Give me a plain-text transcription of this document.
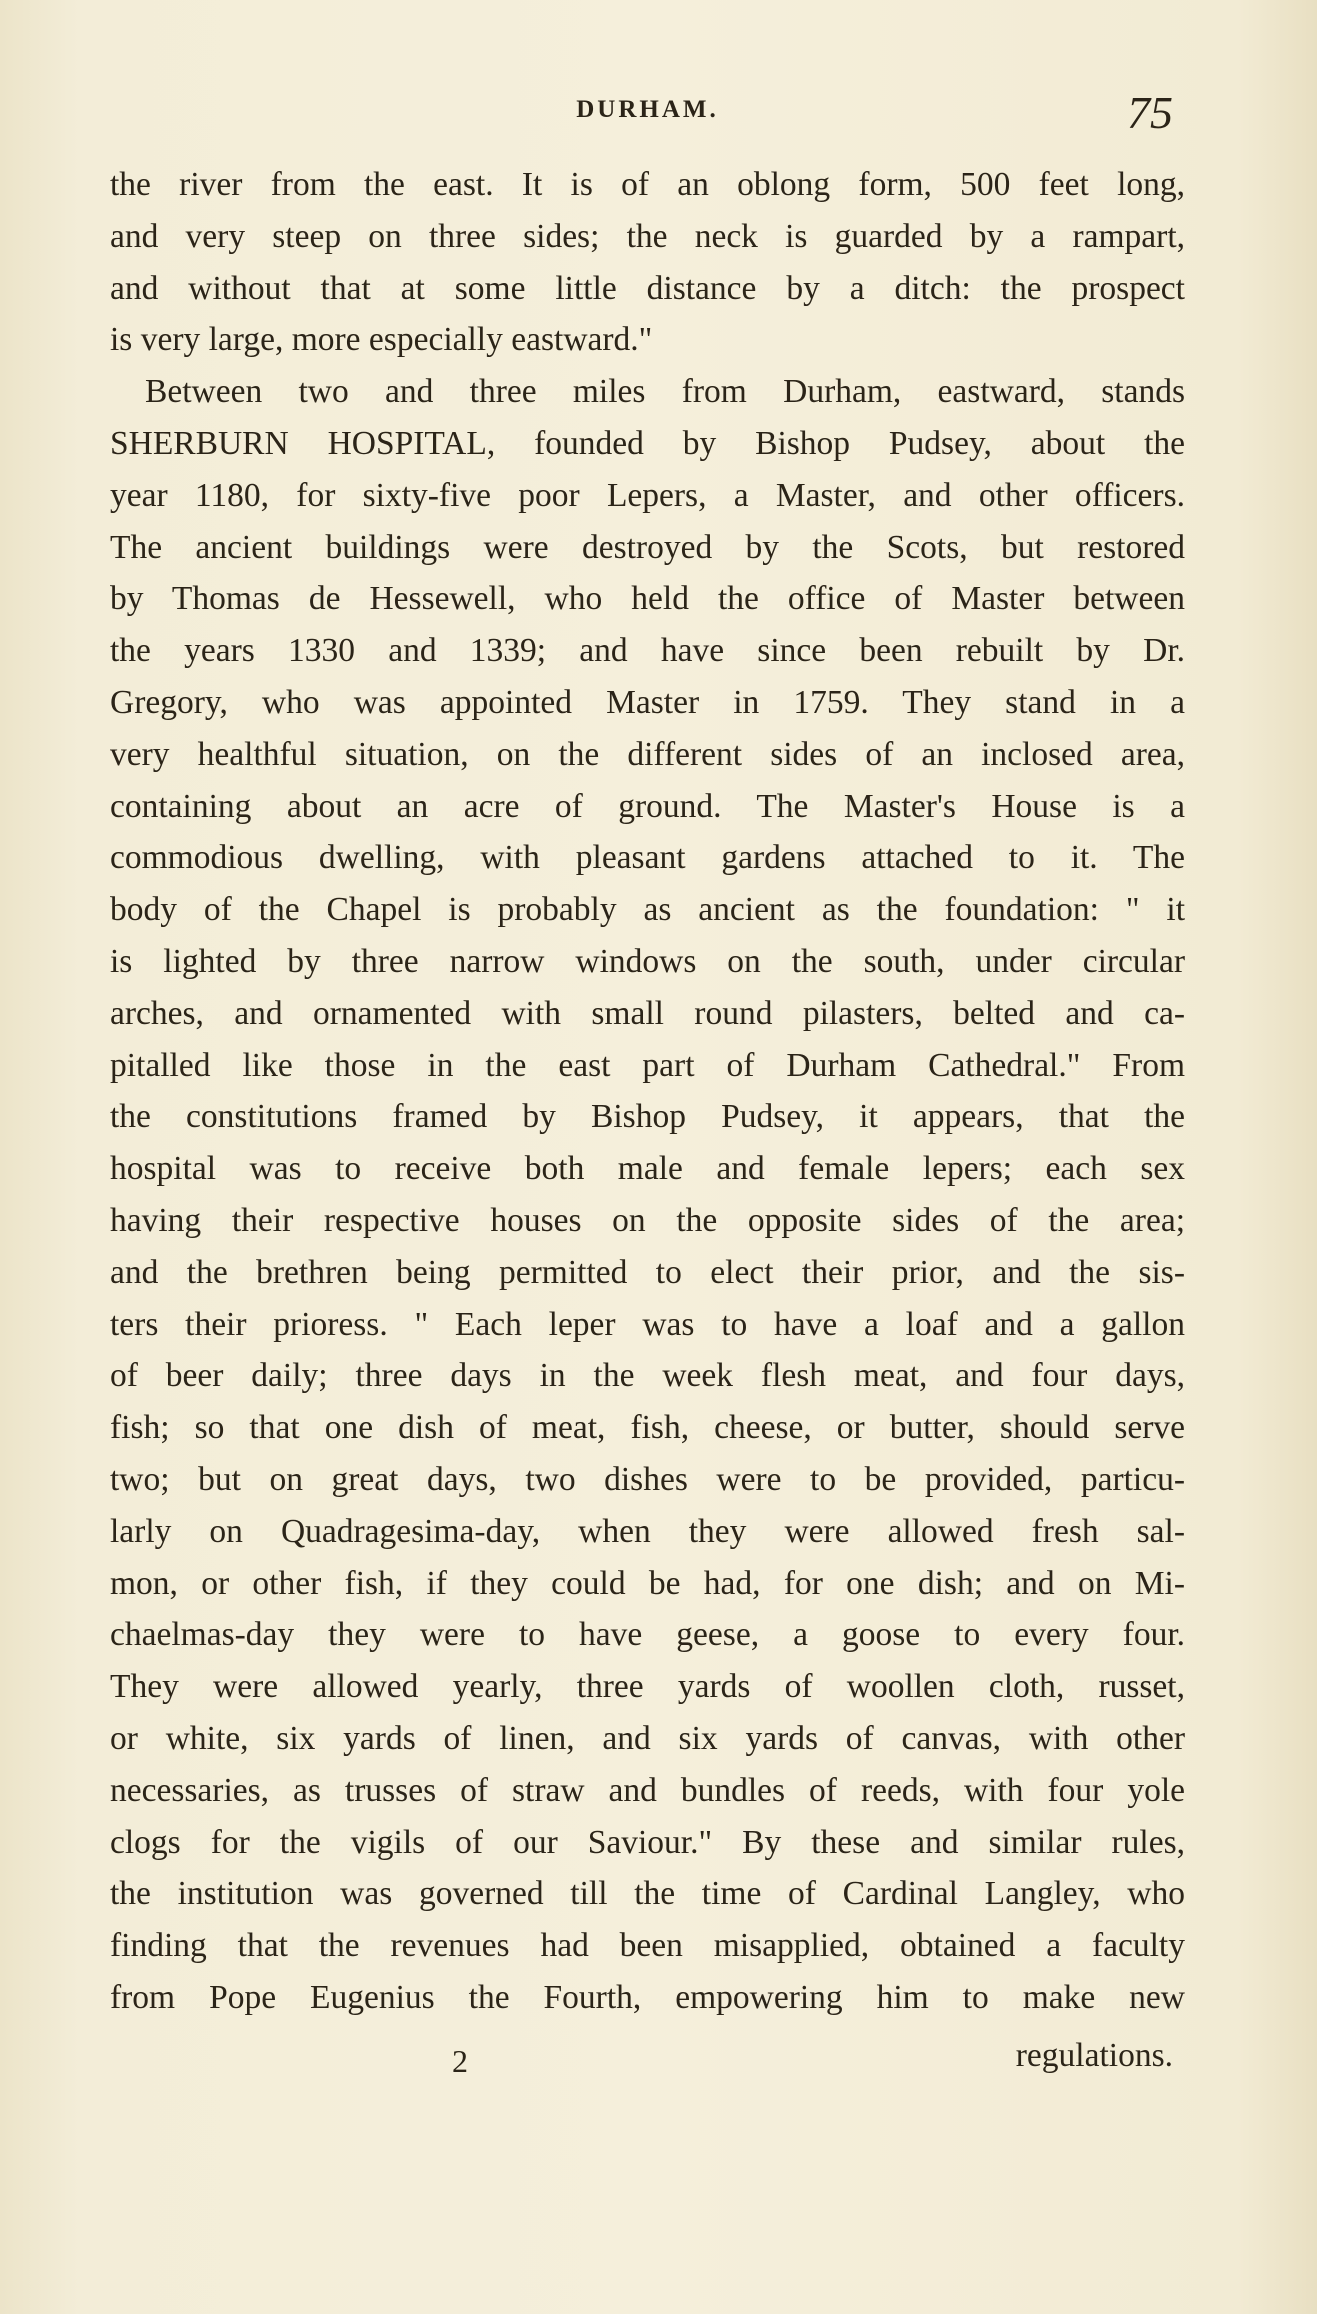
DURHAM.	75
the river from the east. It is of an oblong form, 500 feet long,
and very steep on three sides; the neck is guarded by a rampart,
and without that at some little distance by a ditch: the prospect
is very large, more especially eastward."
Between two and three miles from Durham, eastward, stands
SHERBURN HOSPITAL, founded by Bishop Pudsey, about the
year 1180, for sixty-five poor Lepers, a Master, and other officers.
The ancient buildings were destroyed by the Scots, but restored
by Thomas de Hessewell, who held the office of Master between
the years 1330 and 1339; and have since been rebuilt by Dr.
Gregory, who was appointed Master in 1759. They stand in a
very healthful situation, on the different sides of an inclosed area,
containing about an acre of ground. The Master's House is a
commodious dwelling, with pleasant gardens attached to it. The
body of the Chapel is probably as ancient as the foundation: " it
is lighted by three narrow windows on the south, under circular
arches, and ornamented with small round pilasters, belted and ca-
pitalled like those in the east part of Durham Cathedral." From
the constitutions framed by Bishop Pudsey, it appears, that the
hospital was to receive both male and female lepers; each sex
having their respective houses on the opposite sides of the area;
and the brethren being permitted to elect their prior, and the sis-
ters their prioress. " Each leper was to have a loaf and a gallon
of beer daily; three days in the week flesh meat, and four days,
fish; so that one dish of meat, fish, cheese, or butter, should serve
two; but on great days, two dishes were to be provided, particu-
larly on Quadragesima-day, when they were allowed fresh sal-
mon, or other fish, if they could be had, for one dish; and on Mi-
chaelmas-day they were to have geese, a goose to every four.
They were allowed yearly, three yards of woollen cloth, russet,
or white, six yards of linen, and six yards of canvas, with other
necessaries, as trusses of straw and bundles of reeds, with four yole
clogs for the vigils of our Saviour." By these and similar rules,
the institution was governed till the time of Cardinal Langley, who
finding that the revenues had been misapplied, obtained a faculty
from Pope Eugenius the Fourth, empowering him to make new
2	regulations.
